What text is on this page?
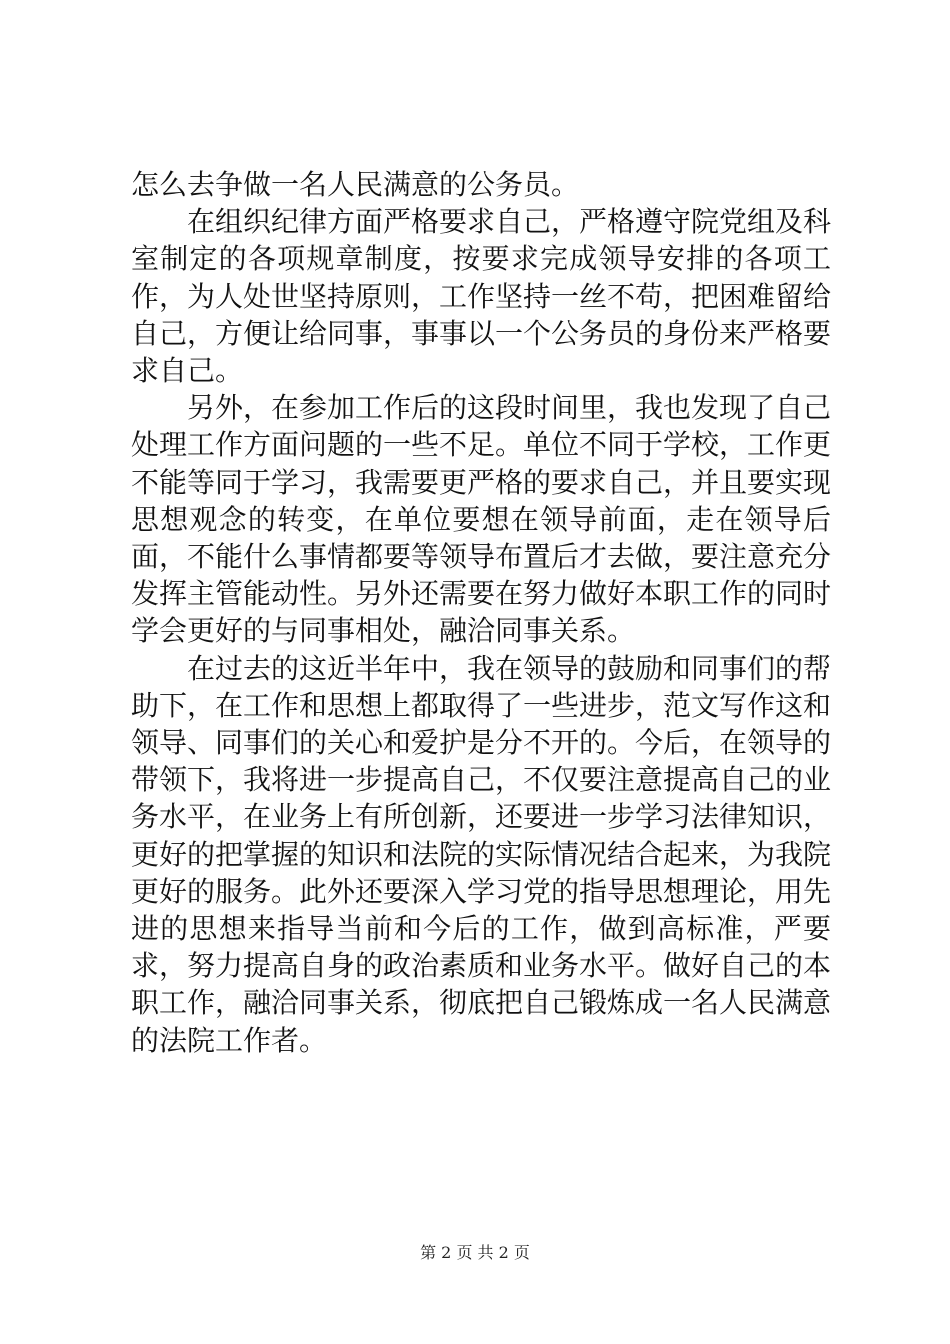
怎么去争做一名人民满意的公务员。

在组织纪律方面严格要求自己，严格遵守院党组及科室制定的各项规章制度，按要求完成领导安排的各项工作，为人处世坚持原则，工作坚持一丝不苟，把困难留给自己，方便让给同事，事事以一个公务员的身份来严格要求自己。

另外，在参加工作后的这段时间里，我也发现了自己处理工作方面问题的一些不足。单位不同于学校，工作更不能等同于学习，我需要更严格的要求自己，并且要实现思想观念的转变，在单位要想在领导前面，走在领导后面，不能什么事情都要等领导布置后才去做，要注意充分发挥主管能动性。另外还需要在努力做好本职工作的同时学会更好的与同事相处，融洽同事关系。

在过去的这近半年中，我在领导的鼓励和同事们的帮助下，在工作和思想上都取得了一些进步，范文写作这和领导、同事们的关心和爱护是分不开的。今后，在领导的带领下，我将进一步提高自己，不仅要注意提高自己的业务水平，在业务上有所创新，还要进一步学习法律知识，更好的把掌握的知识和法院的实际情况结合起来，为我院更好的服务。此外还要深入学习党的指导思想理论，用先进的思想来指导当前和今后的工作，做到高标准，严要求，努力提高自身的政治素质和业务水平。做好自己的本职工作，融洽同事关系，彻底把自己锻炼成一名人民满意的法院工作者。

第 2 页 共 2 页
